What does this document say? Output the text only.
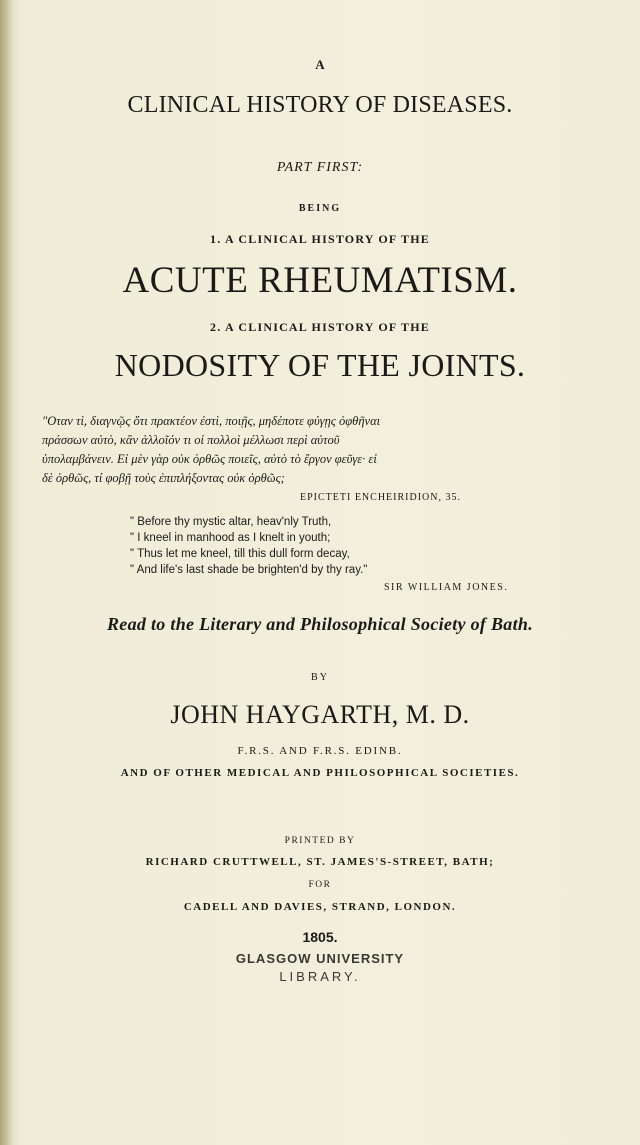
A
CLINICAL HISTORY OF DISEASES.
PART FIRST:
BEING
1. A CLINICAL HISTORY OF THE
ACUTE RHEUMATISM.
2. A CLINICAL HISTORY OF THE
NODOSITY OF THE JOINTS.
"Οταν τὶ, διαγνῷς ὅτι πρακτέον ἐστὶ, ποιῇς, μηδέποτε φύγῃς ὀφθῆναι
πράσσων αὐτὸ, κἂν ἀλλοῖόν τι οἱ πολλοὶ μέλλωσι περὶ αὐτοῦ
ὑπολαμβάνειν. Εἰ μὲν γὰρ οὐκ ὀρθῶς ποιεῖς, αὐτὸ τὸ ἔργον φεῦγε· εἰ
δὲ ὀρθῶς, τί φοβῇ τοὺς ἐπιπλήξοντας οὐκ ὀρθῶς;
EPICTETI ENCHEIRIDION, 35.
" Before thy mystic altar, heav'nly Truth,
" I kneel in manhood as I knelt in youth;
" Thus let me kneel, till this dull form decay,
" And life's last shade be brighten'd by thy ray."
SIR WILLIAM JONES.
Read to the Literary and Philosophical Society of Bath.
BY
JOHN HAYGARTH, M. D.
F.R.S. AND F.R.S. EDINB.
AND OF OTHER MEDICAL AND PHILOSOPHICAL SOCIETIES.
PRINTED BY
RICHARD CRUTTWELL, ST. JAMES'S-STREET, BATH;
FOR
CADELL AND DAVIES, STRAND, LONDON.
1805.
GLASGOW UNIVERSITY
LIBRARY.
